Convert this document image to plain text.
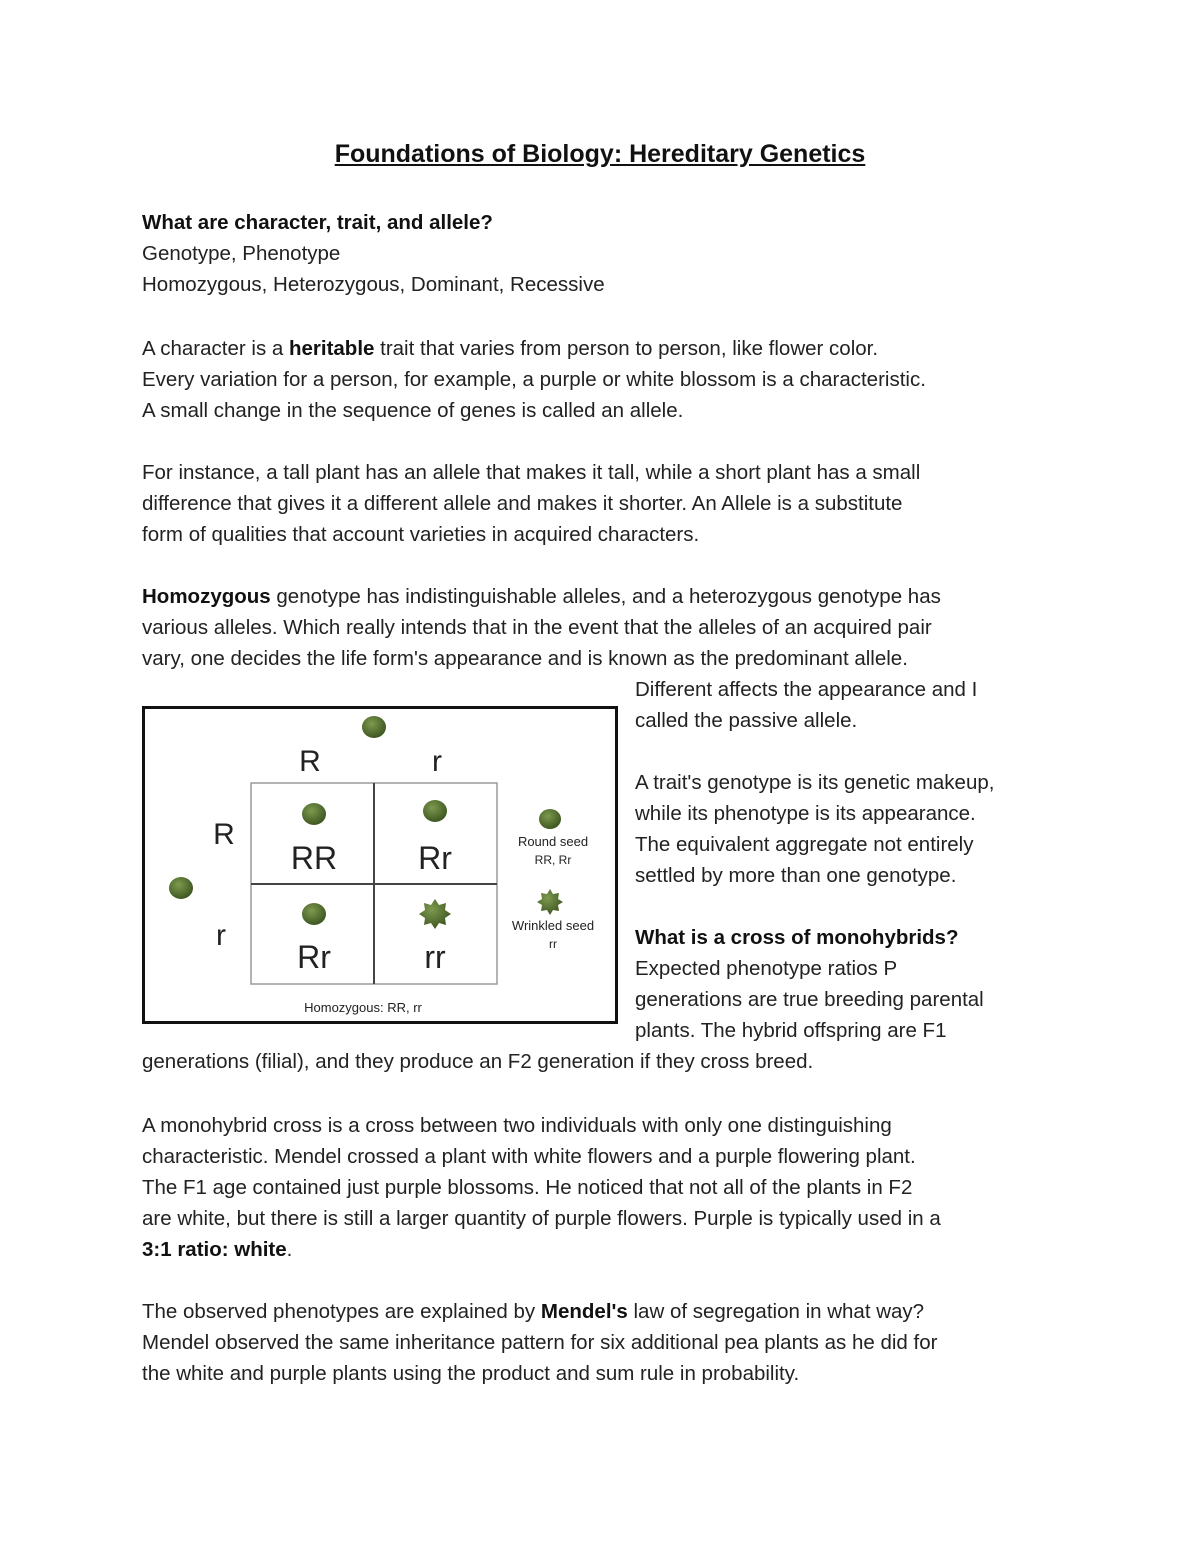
Foundations of Biology: Hereditary Genetics

What are character, trait, and allele?

Genotype, Phenotype

Homozygous, Heterozygous, Dominant, Recessive

A character is a heritable trait that varies from person to person, like flower color.

Every variation for a person, for example, a purple or white blossom is a characteristic.

A small change in the sequence of genes is called an allele.

For instance, a tall plant has an allele that makes it tall, while a short plant has a small

difference that gives it a different allele and makes it shorter. An Allele is a substitute

form of qualities that account varieties in acquired characters.

Homozygous genotype has indistinguishable alleles, and a heterozygous genotype has

various alleles. Which really intends that in the event that the alleles of an acquired pair

vary, one decides the life form's appearance and is known as the predominant allele.

Different affects the appearance and I

called the passive allele.

A trait's genotype is its genetic makeup,

while its phenotype is its appearance.

The equivalent aggregate not entirely

settled by more than one genotype.

What is a cross of monohybrids?

Expected phenotype ratios P

generations are true breeding parental

plants. The hybrid offspring are F1

generations (filial), and they produce an F2 generation if they cross breed.

A monohybrid cross is a cross between two individuals with only one distinguishing

characteristic. Mendel crossed a plant with white flowers and a purple flowering plant.

The F1 age contained just purple blossoms. He noticed that not all of the plants in F2

are white, but there is still a larger quantity of purple flowers. Purple is typically used in a

3:1 ratio: white.

The observed phenotypes are explained by Mendel's law of segregation in what way?

Mendel observed the same inheritance pattern for six additional pea plants as he did for

the white and purple plants using the product and sum rule in probability.

R	r
R
r
RR	Rr
Rr	rr
Round seed
RR, Rr
Wrinkled seed
rr
Homozygous: RR, rr
